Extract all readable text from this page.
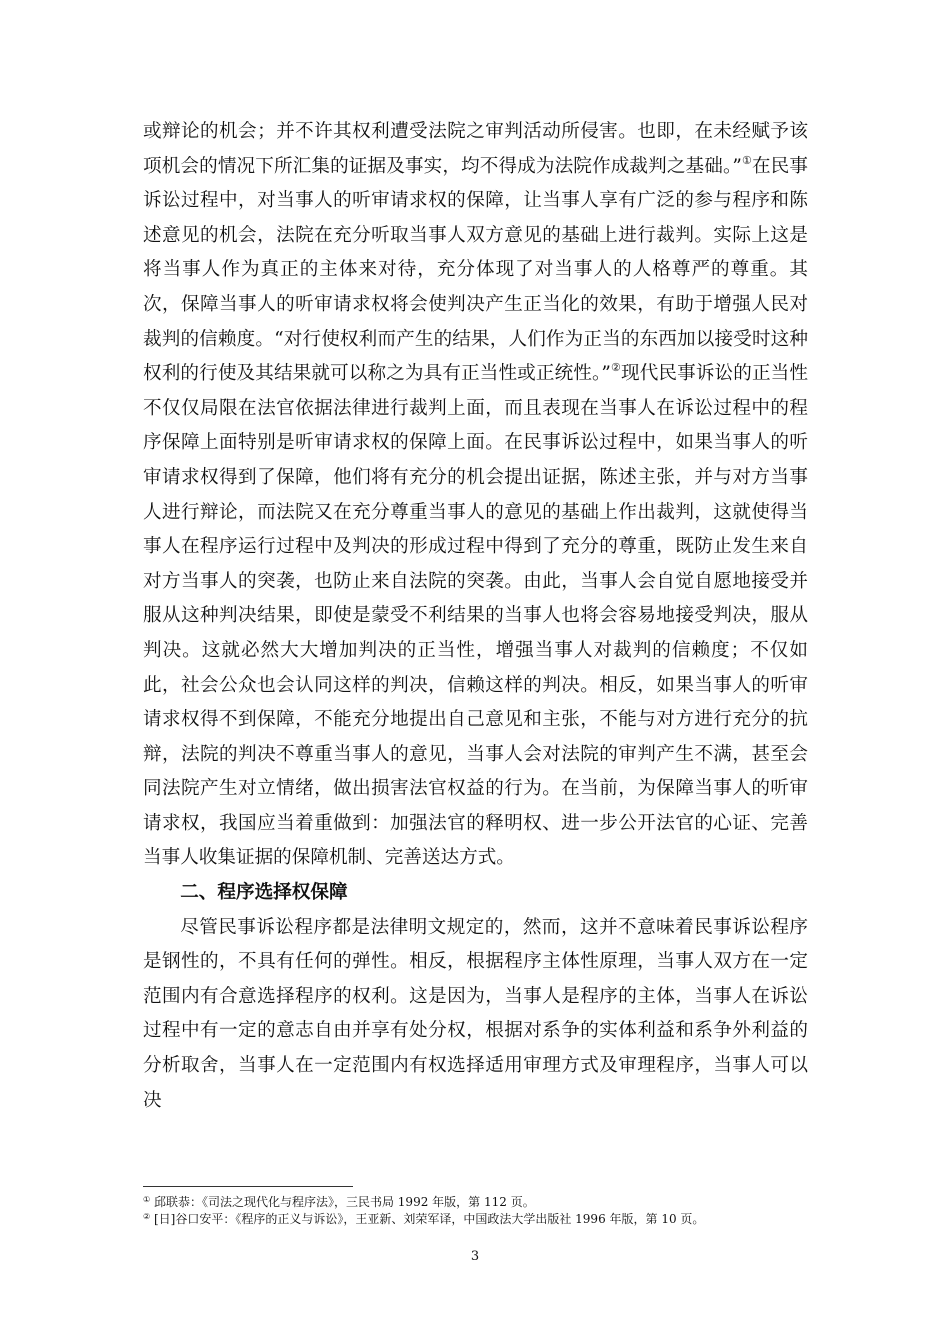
或辩论的机会；并不许其权利遭受法院之审判活动所侵害。也即，在未经赋予该项机会的情况下所汇集的证据及事实，均不得成为法院作成裁判之基础。”①在民事诉讼过程中，对当事人的听审请求权的保障，让当事人享有广泛的参与程序和陈述意见的机会，法院在充分听取当事人双方意见的基础上进行裁判。实际上这是将当事人作为真正的主体来对待，充分体现了对当事人的人格尊严的尊重。其次，保障当事人的听审请求权将会使判决产生正当化的效果，有助于增强人民对裁判的信赖度。“对行使权利而产生的结果，人们作为正当的东西加以接受时这种权利的行使及其结果就可以称之为具有正当性或正统性。”②现代民事诉讼的正当性不仅仅局限在法官依据法律进行裁判上面，而且表现在当事人在诉讼过程中的程序保障上面特别是听审请求权的保障上面。在民事诉讼过程中，如果当事人的听审请求权得到了保障，他们将有充分的机会提出证据，陈述主张，并与对方当事人进行辩论，而法院又在充分尊重当事人的意见的基础上作出裁判，这就使得当事人在程序运行过程中及判决的形成过程中得到了充分的尊重，既防止发生来自对方当事人的突袭，也防止来自法院的突袭。由此，当事人会自觉自愿地接受并服从这种判决结果，即使是蒙受不利结果的当事人也将会容易地接受判决，服从判决。这就必然大大增加判决的正当性，增强当事人对裁判的信赖度；不仅如此，社会公众也会认同这样的判决，信赖这样的判决。相反，如果当事人的听审请求权得不到保障，不能充分地提出自己意见和主张，不能与对方进行充分的抗辩，法院的判决不尊重当事人的意见，当事人会对法院的审判产生不满，甚至会同法院产生对立情绪，做出损害法官权益的行为。在当前，为保障当事人的听审请求权，我国应当着重做到：加强法官的释明权、进一步公开法官的心证、完善当事人收集证据的保障机制、完善送达方式。

二、程序选择权保障

尽管民事诉讼程序都是法律明文规定的，然而，这并不意味着民事诉讼程序是钢性的，不具有任何的弹性。相反，根据程序主体性原理，当事人双方在一定范围内有合意选择程序的权利。这是因为，当事人是程序的主体，当事人在诉讼过程中有一定的意志自由并享有处分权，根据对系争的实体利益和系争外利益的分析取舍，当事人在一定范围内有权选择适用审理方式及审理程序，当事人可以决

① 邱联恭：《司法之现代化与程序法》，三民书局 1992 年版，第 112 页。

② [日]谷口安平：《程序的正义与诉讼》，王亚新、刘荣军译，中国政法大学出版社 1996 年版，第 10 页。

3
